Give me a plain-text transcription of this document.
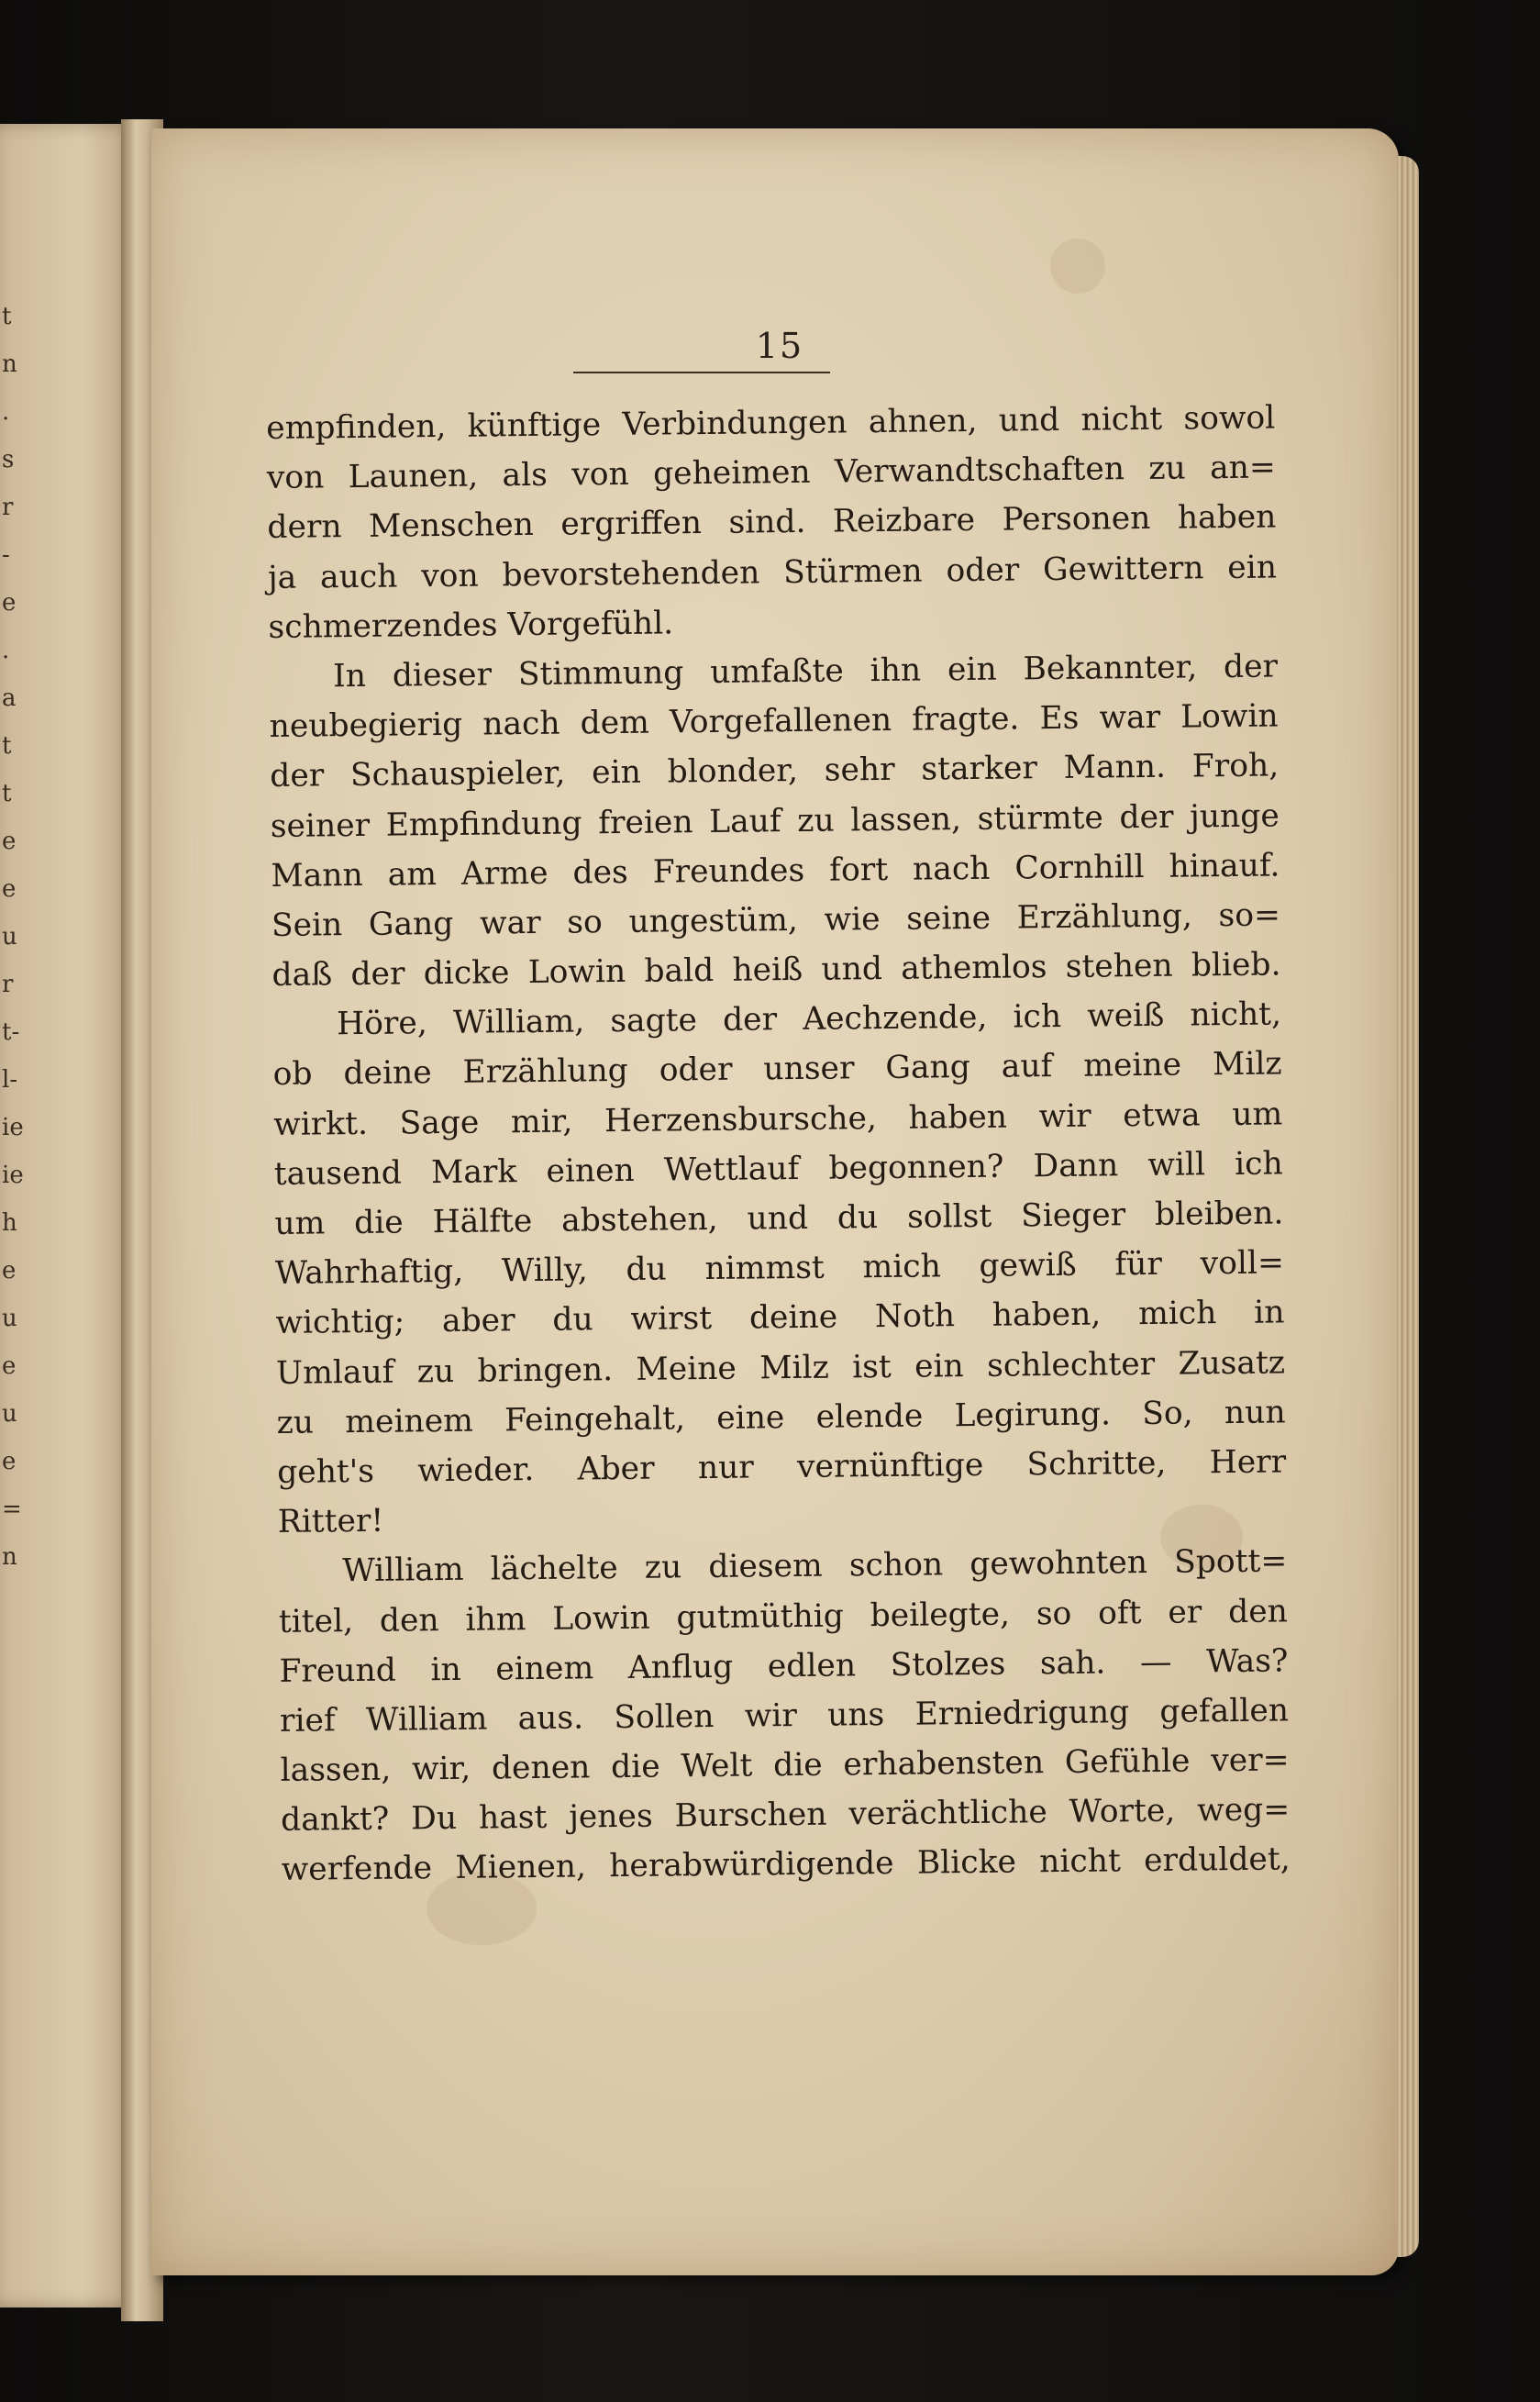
t
n
.
s
r
-
e
.
a
t
t
e
e
u
r
t-
l-
ie
ie
h
e
u
e
u
e
=
n
15
empfinden, künftige Verbindungen ahnen, und nicht sowol
von Launen, als von geheimen Verwandtschaften zu an=
dern Menschen ergriffen sind. Reizbare Personen haben
ja auch von bevorstehenden Stürmen oder Gewittern ein
schmerzendes Vorgefühl.
In dieser Stimmung umfaßte ihn ein Bekannter, der
neubegierig nach dem Vorgefallenen fragte. Es war Lowin
der Schauspieler, ein blonder, sehr starker Mann. Froh,
seiner Empfindung freien Lauf zu lassen, stürmte der junge
Mann am Arme des Freundes fort nach Cornhill hinauf.
Sein Gang war so ungestüm, wie seine Erzählung, so=
daß der dicke Lowin bald heiß und athemlos stehen blieb.
Höre, William, sagte der Aechzende, ich weiß nicht,
ob deine Erzählung oder unser Gang auf meine Milz
wirkt. Sage mir, Herzensbursche, haben wir etwa um
tausend Mark einen Wettlauf begonnen? Dann will ich
um die Hälfte abstehen, und du sollst Sieger bleiben.
Wahrhaftig, Willy, du nimmst mich gewiß für voll=
wichtig; aber du wirst deine Noth haben, mich in
Umlauf zu bringen. Meine Milz ist ein schlechter Zusatz
zu meinem Feingehalt, eine elende Legirung. So, nun
geht's wieder. Aber nur vernünftige Schritte, Herr
Ritter!
William lächelte zu diesem schon gewohnten Spott=
titel, den ihm Lowin gutmüthig beilegte, so oft er den
Freund in einem Anflug edlen Stolzes sah. — Was?
rief William aus. Sollen wir uns Erniedrigung gefallen
lassen, wir, denen die Welt die erhabensten Gefühle ver=
dankt? Du hast jenes Burschen verächtliche Worte, weg=
werfende Mienen, herabwürdigende Blicke nicht erduldet,
